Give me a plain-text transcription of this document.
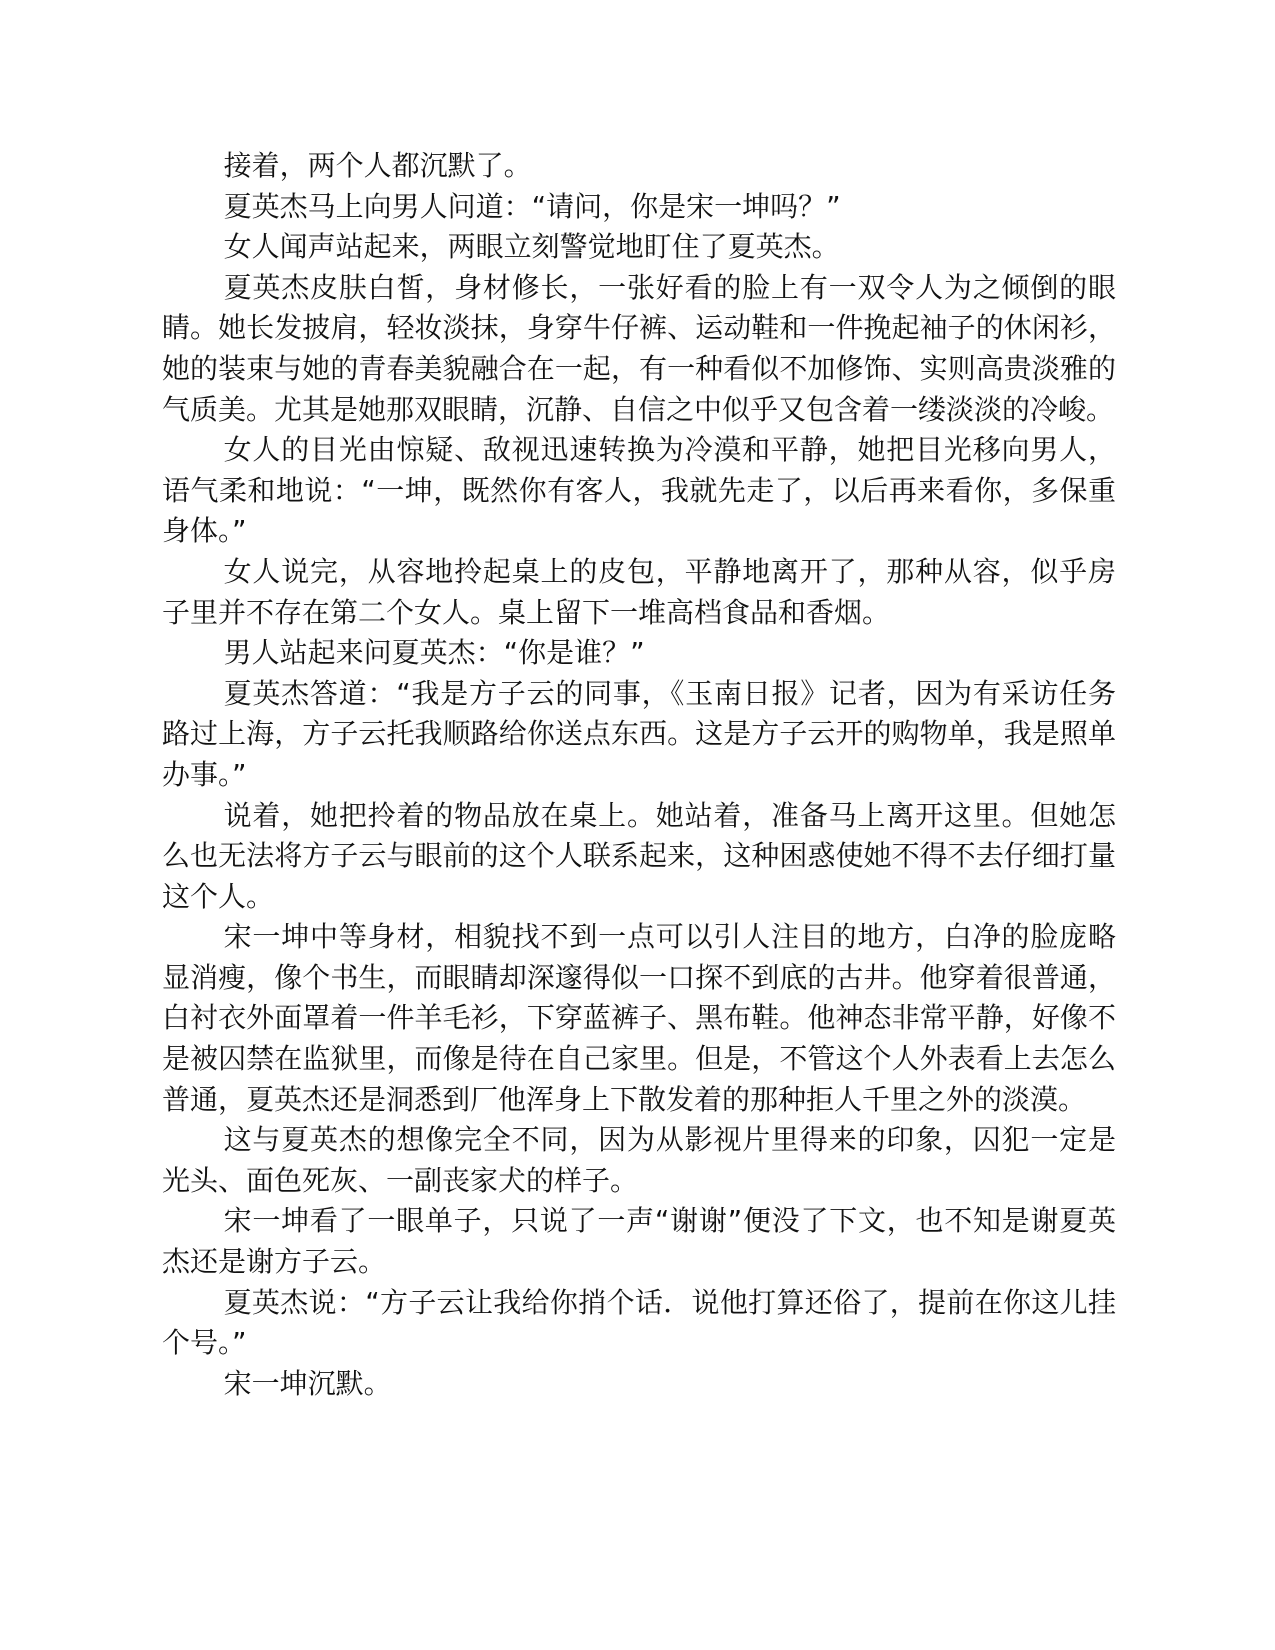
接着，两个人都沉默了。

夏英杰马上向男人问道：“请问，你是宋一坤吗？”

女人闻声站起来，两眼立刻警觉地盯住了夏英杰。

夏英杰皮肤白皙，身材修长，一张好看的脸上有一双令人为之倾倒的眼睛。她长发披肩，轻妆淡抹，身穿牛仔裤、运动鞋和一件挽起袖子的休闲衫，她的装束与她的青春美貌融合在一起，有一种看似不加修饰、实则高贵淡雅的气质美。尤其是她那双眼睛，沉静、自信之中似乎又包含着一缕淡淡的冷峻。

女人的目光由惊疑、敌视迅速转换为冷漠和平静，她把目光移向男人，语气柔和地说：“一坤，既然你有客人，我就先走了，以后再来看你，多保重身体。”

女人说完，从容地拎起桌上的皮包，平静地离开了，那种从容，似乎房子里并不存在第二个女人。桌上留下一堆高档食品和香烟。

男人站起来问夏英杰：“你是谁？”

夏英杰答道：“我是方子云的同事，《玉南日报》记者，因为有采访任务路过上海，方子云托我顺路给你送点东西。这是方子云开的购物单，我是照单办事。”

说着，她把拎着的物品放在桌上。她站着，准备马上离开这里。但她怎么也无法将方子云与眼前的这个人联系起来，这种困惑使她不得不去仔细打量这个人。

宋一坤中等身材，相貌找不到一点可以引人注目的地方，白净的脸庞略显消瘦，像个书生，而眼睛却深邃得似一口探不到底的古井。他穿着很普通，白衬衣外面罩着一件羊毛衫，下穿蓝裤子、黑布鞋。他神态非常平静，好像不是被囚禁在监狱里，而像是待在自己家里。但是，不管这个人外表看上去怎么普通，夏英杰还是洞悉到厂他浑身上下散发着的那种拒人千里之外的淡漠。

这与夏英杰的想像完全不同，因为从影视片里得来的印象，囚犯一定是光头、面色死灰、一副丧家犬的样子。

宋一坤看了一眼单子，只说了一声“谢谢”便没了下文，也不知是谢夏英杰还是谢方子云。

夏英杰说：“方子云让我给你捎个话．说他打算还俗了，提前在你这儿挂个号。”

宋一坤沉默。
